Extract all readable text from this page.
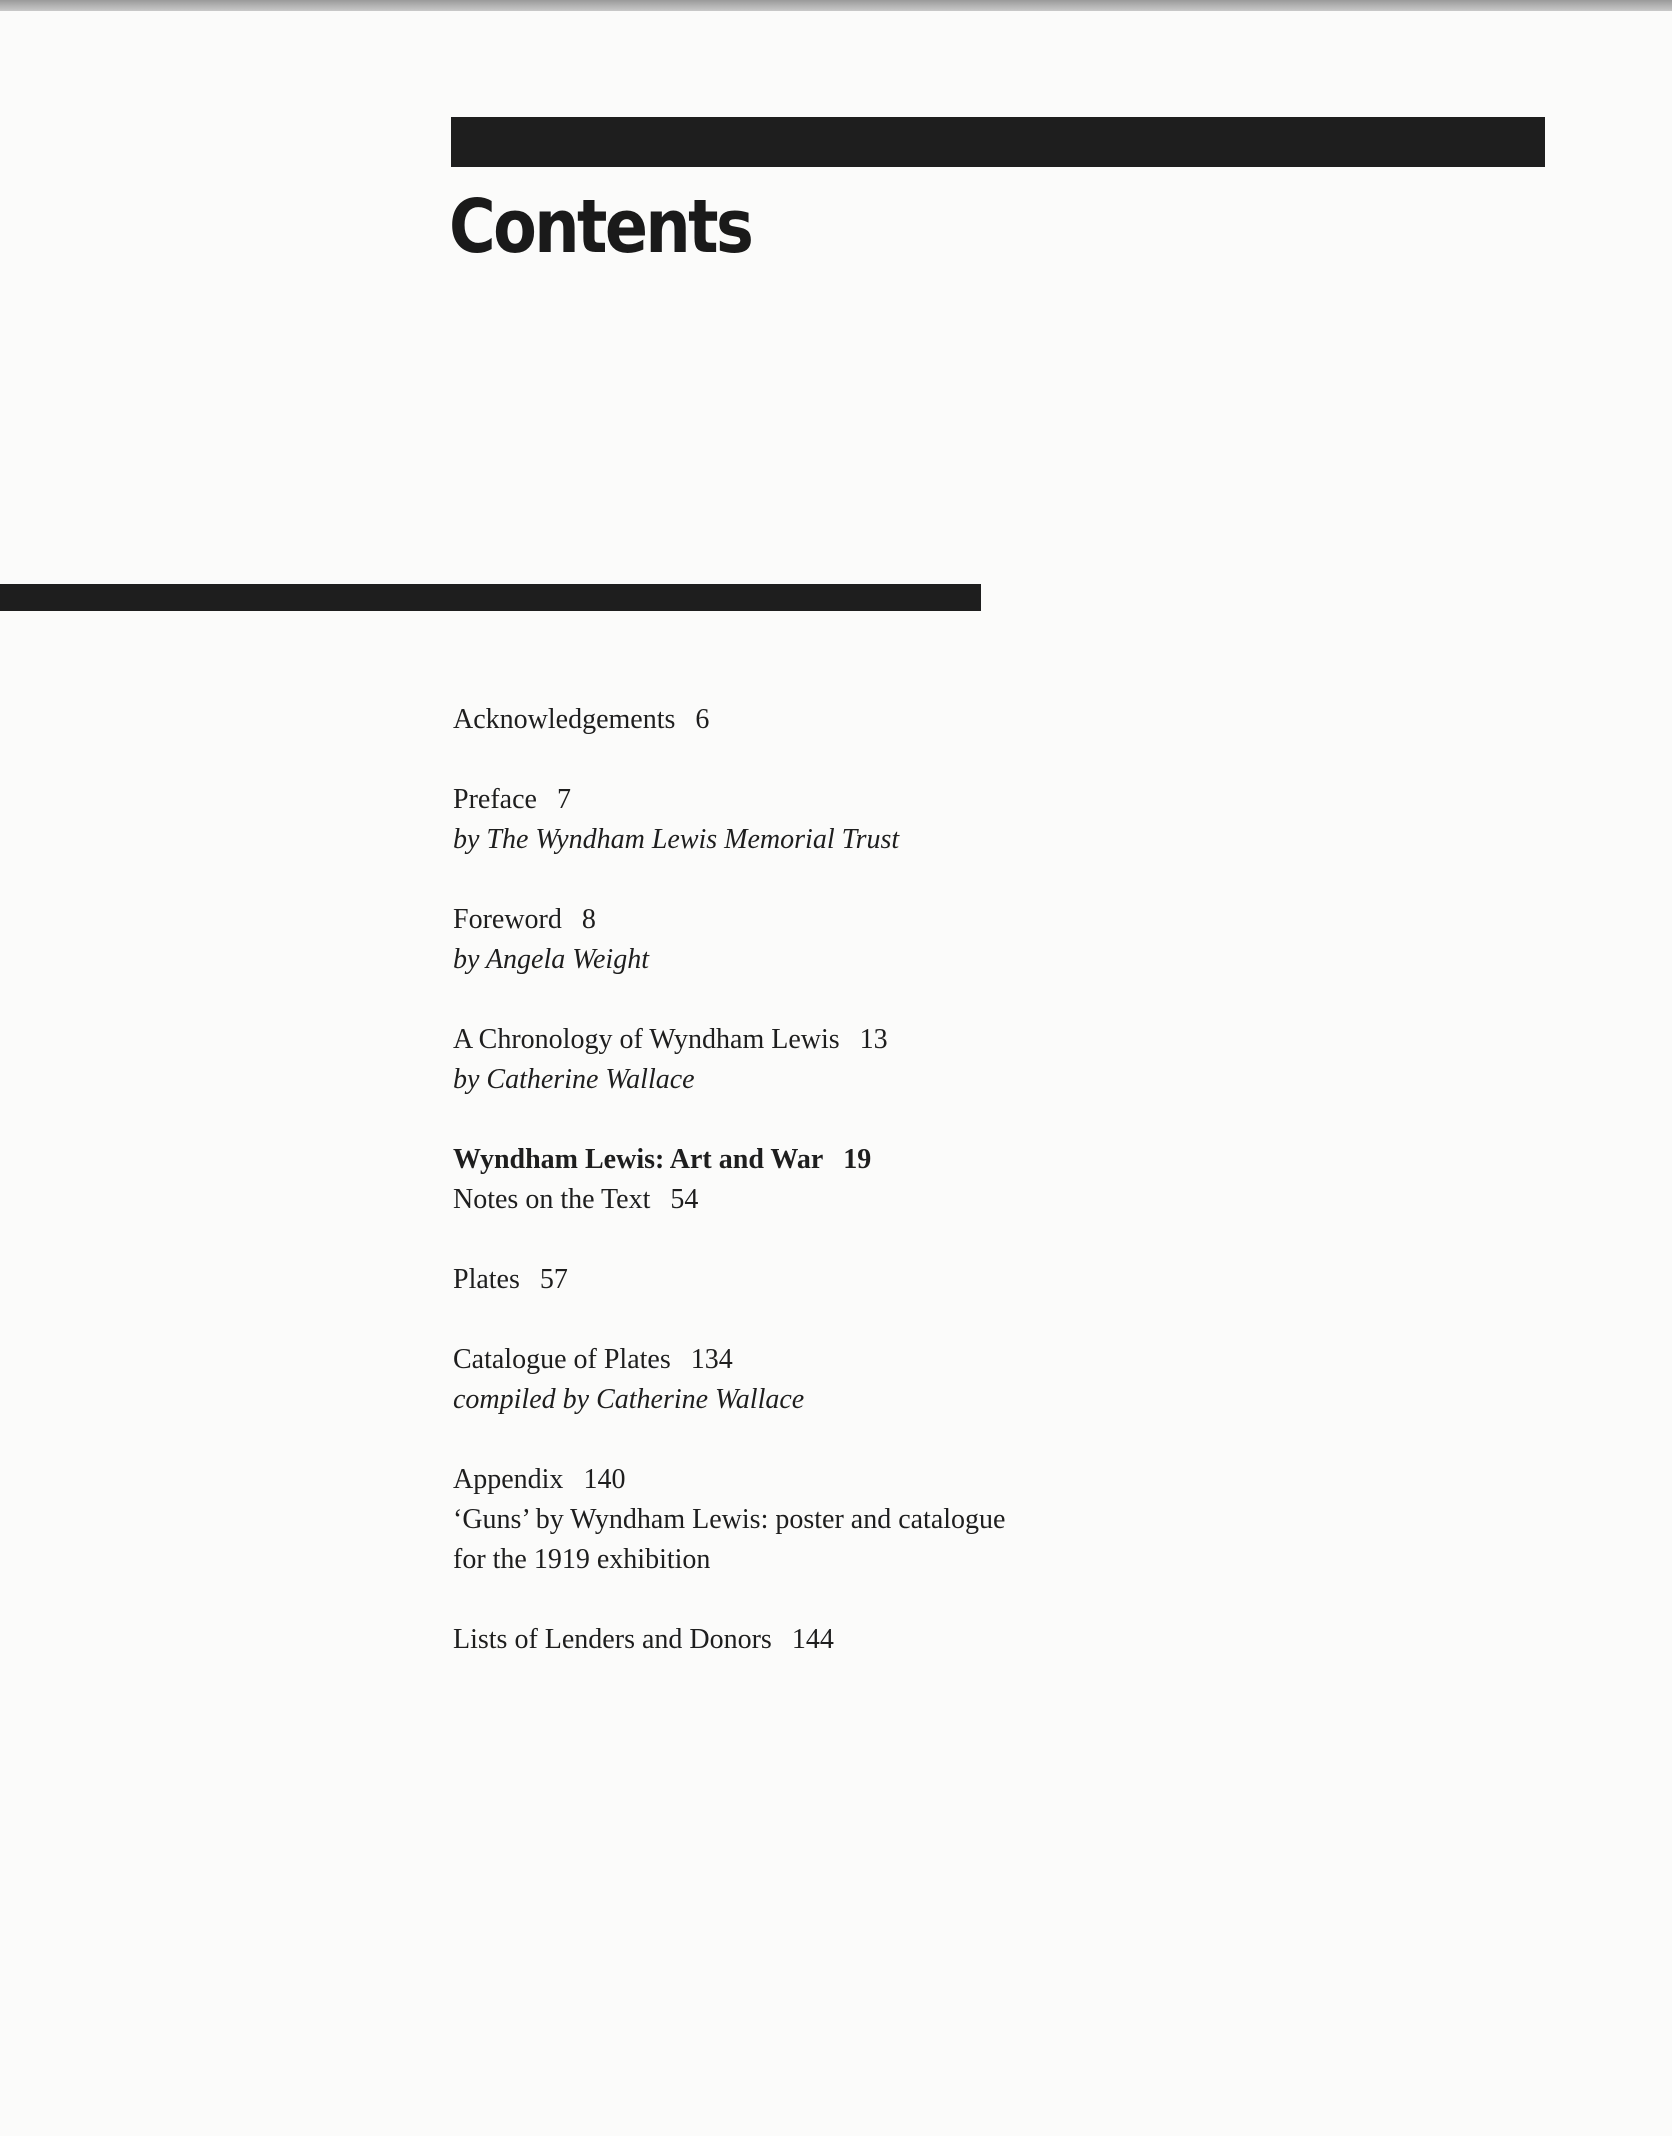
Contents
Acknowledgements 6
Preface 7
by The Wyndham Lewis Memorial Trust
Foreword 8
by Angela Weight
A Chronology of Wyndham Lewis 13
by Catherine Wallace
Wyndham Lewis: Art and War 19
Notes on the Text 54
Plates 57
Catalogue of Plates 134
compiled by Catherine Wallace
Appendix 140
‘Guns’ by Wyndham Lewis: poster and catalogue
for the 1919 exhibition
Lists of Lenders and Donors 144
